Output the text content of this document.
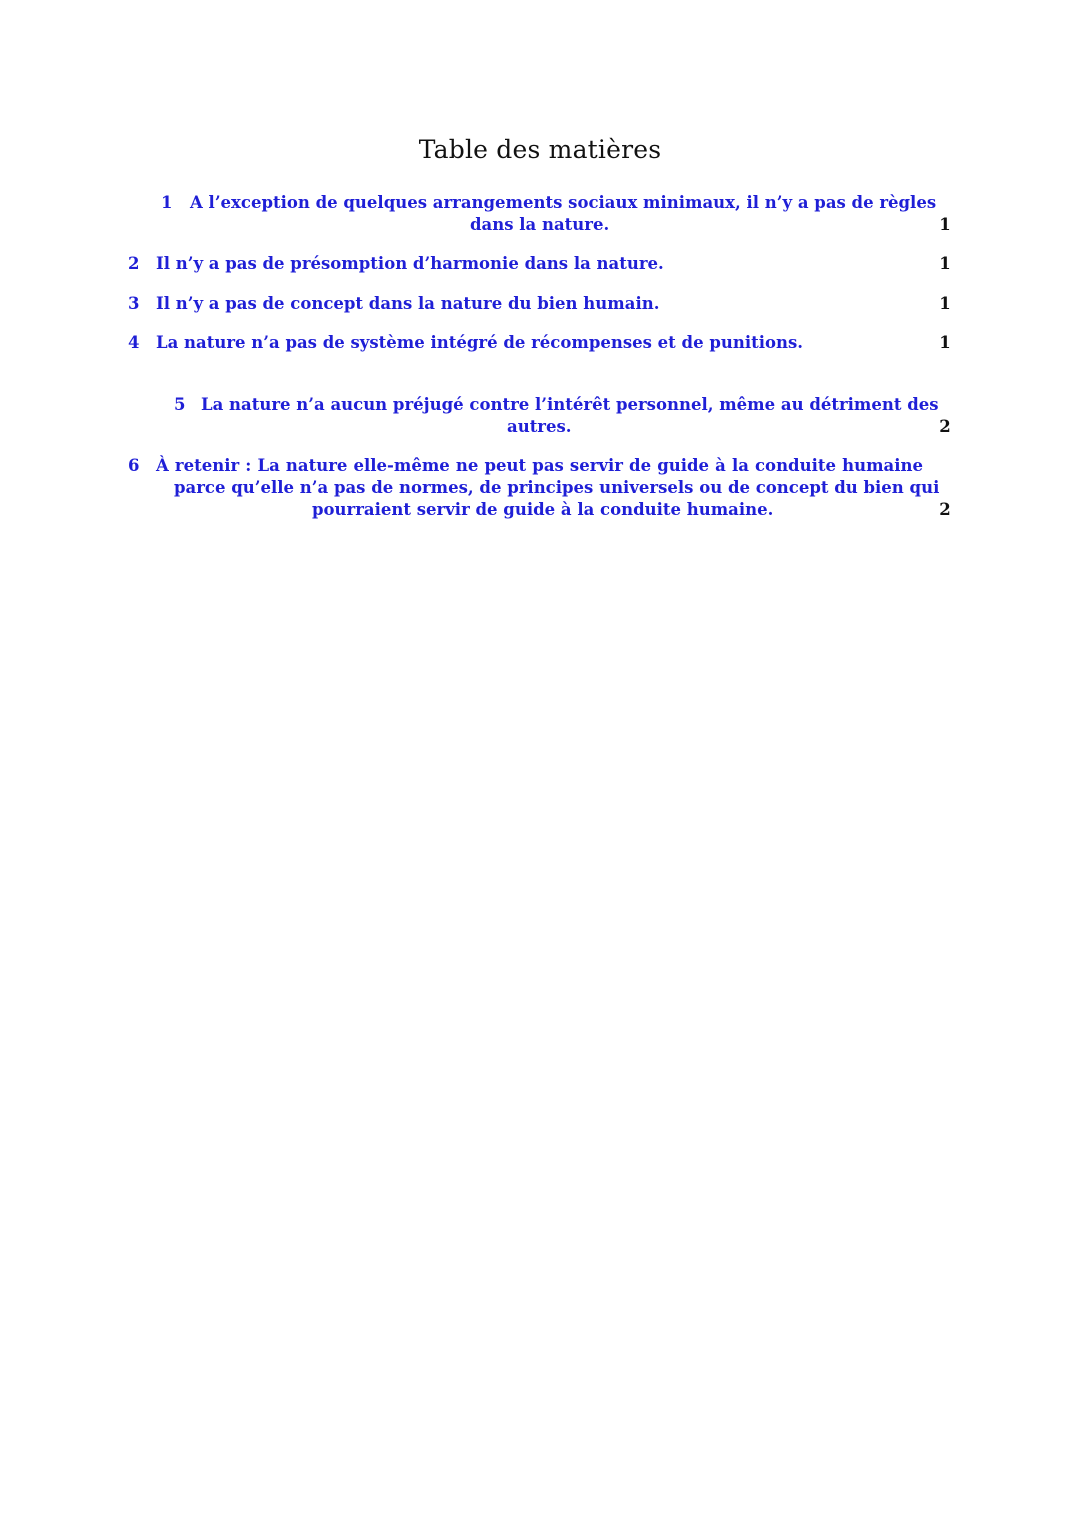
Table des matières
1 A l’exception de quelques arrangements sociaux minimaux, il n’y a pas de règles
dans la nature.	1
2 Il n’y a pas de présomption d’harmonie dans la nature.	1
3 Il n’y a pas de concept dans la nature du bien humain.	1
4 La nature n’a pas de système intégré de récompenses et de punitions.	1
5 La nature n’a aucun préjugé contre l’intérêt personnel, même au détriment des
autres.	2
6 À retenir : La nature elle-même ne peut pas servir de guide à la conduite humaine
parce qu’elle n’a pas de normes, de principes universels ou de concept du bien qui
pourraient servir de guide à la conduite humaine.	2
